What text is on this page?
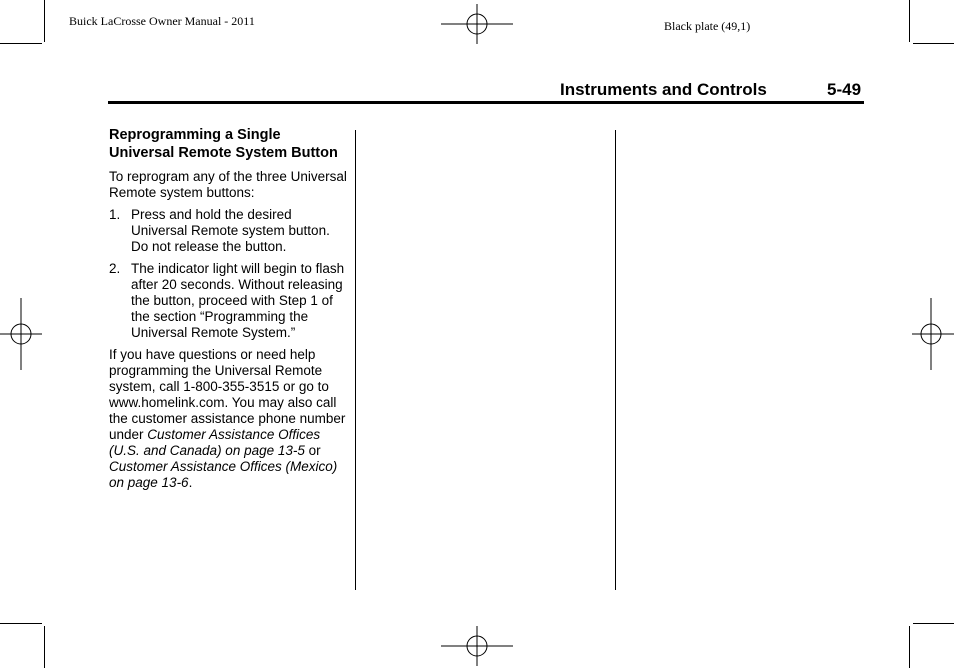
Buick LaCrosse Owner Manual - 2011	Black plate (49,1)
Instruments and Controls	5-49
Reprogramming a Single Universal Remote System Button

To reprogram any of the three Universal Remote system buttons:

1. Press and hold the desired Universal Remote system button. Do not release the button.
2. The indicator light will begin to flash after 20 seconds. Without releasing the button, proceed with Step 1 of the section “Programming the Universal Remote System.”

If you have questions or need help programming the Universal Remote system, call 1-800-355-3515 or go to www.homelink.com. You may also call the customer assistance phone number under Customer Assistance Offices (U.S. and Canada) on page 13-5 or Customer Assistance Offices (Mexico) on page 13-6.
